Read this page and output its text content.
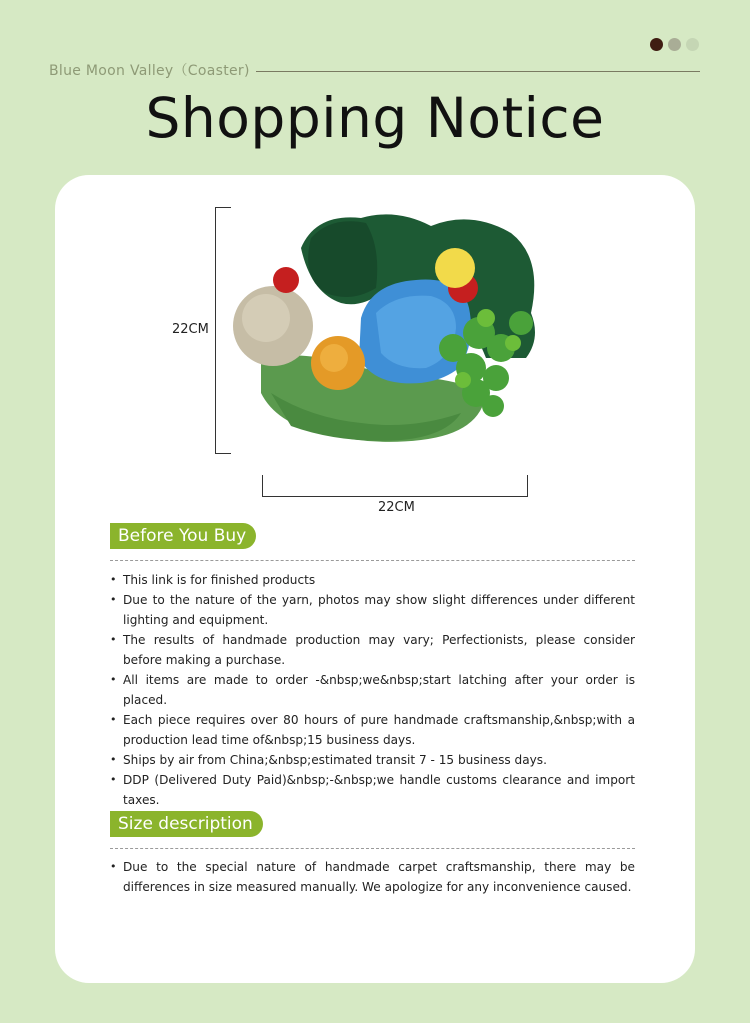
Blue Moon Valley（Coaster)
Shopping Notice
22CM
22CM
Before You Buy
• This link is for finished products
• Due to the nature of the yarn, photos may show slight differences under different lighting and equipment.
• The results of handmade production may vary; Perfectionists, please consider before making a purchase.
• All items are made to order -&nbsp;we&nbsp;start latching after your order is placed.
• Each piece requires over 80 hours of pure handmade craftsmanship,&nbsp;with a production lead time of&nbsp;15 business days.
• Ships by air from China;&nbsp;estimated transit 7 - 15 business days.
• DDP (Delivered Duty Paid)&nbsp;-&nbsp;we handle customs clearance and import taxes.
Size description
• Due to the special nature of handmade carpet craftsmanship, there may be differences in size measured manually. We apologize for any inconvenience caused.
